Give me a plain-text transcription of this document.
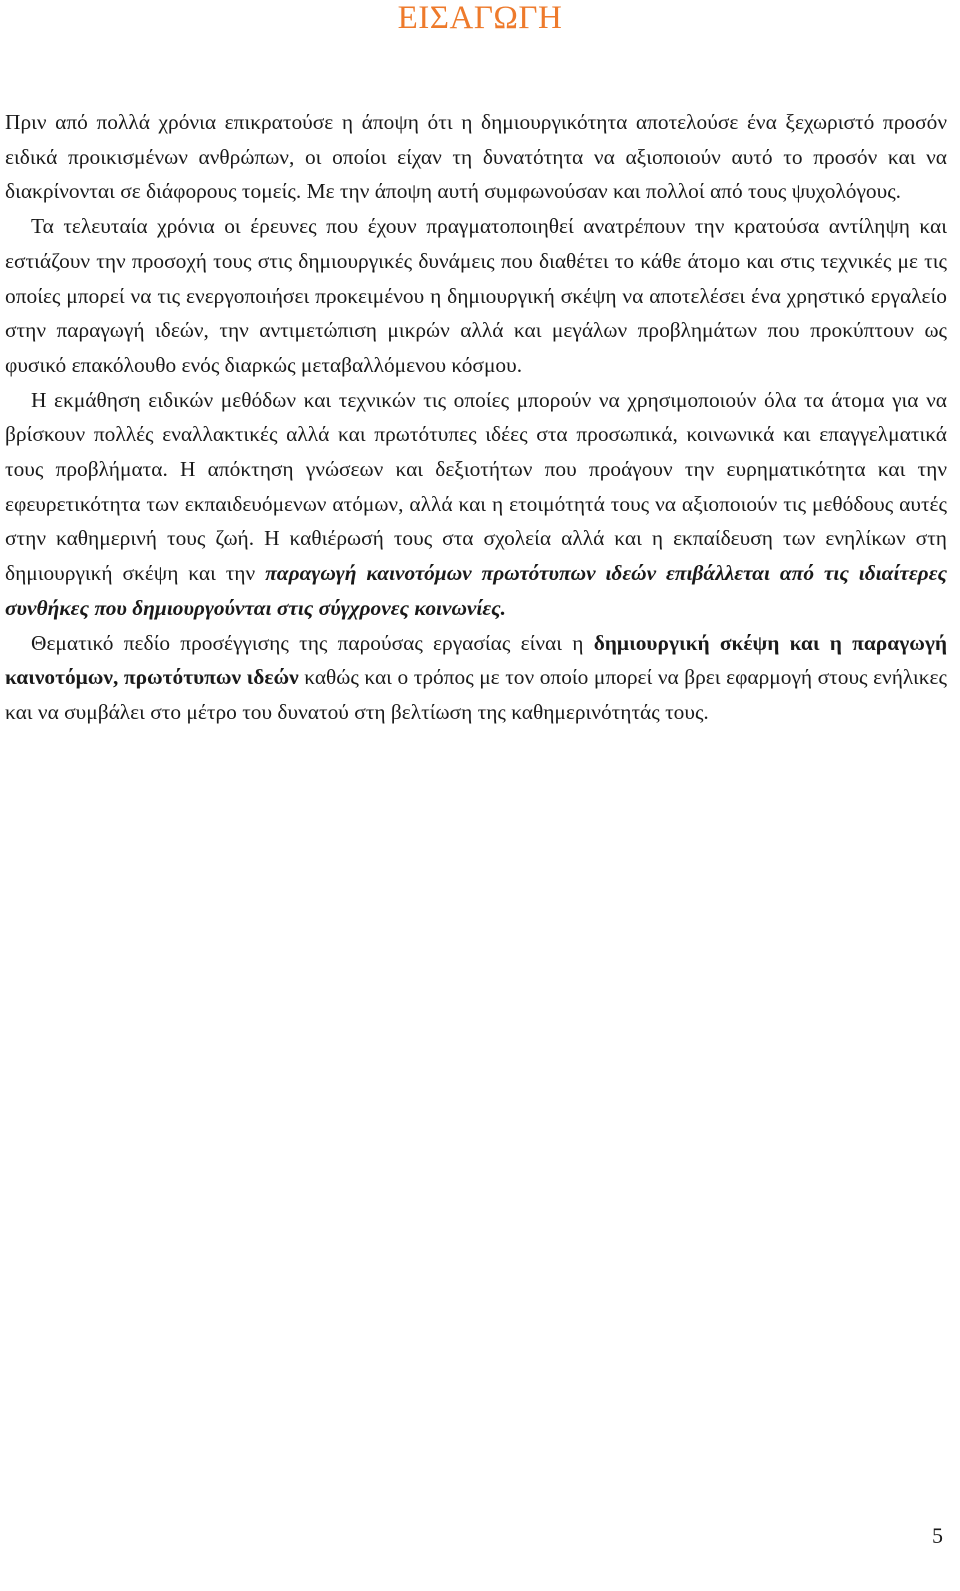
ΕΙΣΑΓΩΓΗ

Πριν από πολλά χρόνια επικρατούσε η άποψη ότι η δημιουργικότητα αποτελούσε ένα ξεχωριστό προσόν ειδικά προικισμένων ανθρώπων, οι οποίοι είχαν τη δυνατότητα να αξιοποιούν αυτό το προσόν και να διακρίνονται σε διάφορους τομείς. Με την άποψη αυτή συμφωνούσαν και πολλοί από τους ψυχολόγους.

Τα τελευταία χρόνια οι έρευνες που έχουν πραγματοποιηθεί ανατρέπουν την κρατούσα αντίληψη και εστιάζουν την προσοχή τους στις δημιουργικές δυνάμεις που διαθέτει το κάθε άτομο και στις τεχνικές με τις οποίες μπορεί να τις ενεργοποιήσει προκειμένου η δημιουργική σκέψη να αποτελέσει ένα χρηστικό εργαλείο στην παραγωγή ιδεών, την αντιμετώπιση μικρών αλλά και μεγάλων προβλημάτων που προκύπτουν ως φυσικό επακόλουθο ενός διαρκώς μεταβαλλόμενου κόσμου.

Η εκμάθηση ειδικών μεθόδων και τεχνικών τις οποίες μπορούν να χρησιμοποιούν όλα τα άτομα για να βρίσκουν πολλές εναλλακτικές αλλά και πρωτότυπες ιδέες στα προσωπικά, κοινωνικά και επαγγελματικά τους προβλήματα. Η απόκτηση γνώσεων και δεξιοτήτων που προάγουν την ευρηματικότητα και την εφευρετικότητα των εκπαιδευόμενων ατόμων, αλλά και η ετοιμότητά τους να αξιοποιούν τις μεθόδους αυτές στην καθημερινή τους ζωή. Η καθιέρωσή τους στα σχολεία αλλά και η εκπαίδευση των ενηλίκων στη δημιουργική σκέψη και την παραγωγή καινοτόμων πρωτότυπων ιδεών επιβάλλεται από τις ιδιαίτερες συνθήκες που δημιουργούνται στις σύγχρονες κοινωνίες.

Θεματικό πεδίο προσέγγισης της παρούσας εργασίας είναι η δημιουργική σκέψη και η παραγωγή καινοτόμων, πρωτότυπων ιδεών καθώς και ο τρόπος με τον οποίο μπορεί να βρει εφαρμογή στους ενήλικες και να συμβάλει στο μέτρο του δυνατού στη βελτίωση της καθημερινότητάς τους.

5
